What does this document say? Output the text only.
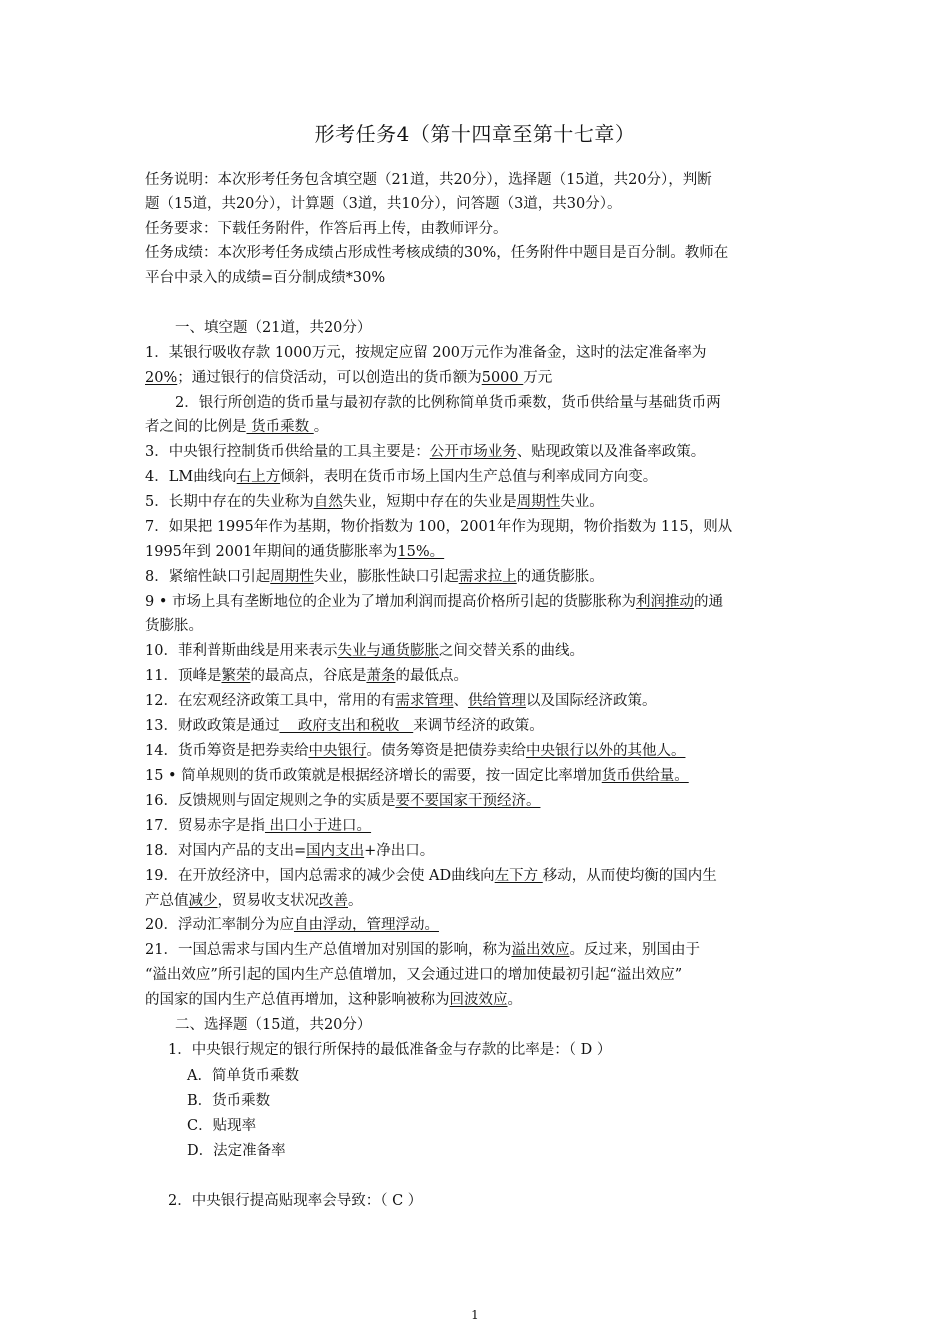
形考任务4（第十四章至第十七章）
任务说明：本次形考任务包含填空题（21道，共20分），选择题（15道，共20分），判断
题（15道，共20分），计算题（3道，共10分），问答题（3道，共30分）。
任务要求：下载任务附件，作答后再上传，由教师评分。
任务成绩：本次形考任务成绩占形成性考核成绩的30%，任务附件中题目是百分制。教师在
平台中录入的成绩=百分制成绩*30%
一、填空题（21道，共20分）
1．某银行吸收存款 1000万元，按规定应留 200万元作为准备金，这时的法定准备率为
20%；通过银行的信贷活动，可以创造出的货币额为5000 万元
2．银行所创造的货币量与最初存款的比例称简单货币乘数，货币供给量与基础货币两
者之间的比例是 货币乘数 。
3．中央银行控制货币供给量的工具主要是：公开市场业务、贴现政策以及准备率政策。
4．LM曲线向右上方倾斜，表明在货币市场上国内生产总值与利率成同方向变。
5．长期中存在的失业称为自然失业，短期中存在的失业是周期性失业。
7．如果把 1995年作为基期，物价指数为 100，2001年作为现期，物价指数为 115，则从
1995年到 2001年期间的通货膨胀率为15%。
8．紧缩性缺口引起周期性失业，膨胀性缺口引起需求拉上的通货膨胀。
9 • 市场上具有垄断地位的企业为了增加利润而提高价格所引起的货膨胀称为利润推动的通
货膨胀。
10．菲利普斯曲线是用来表示失业与通货膨胀之间交替关系的曲线。
11．顶峰是繁荣的最高点，谷底是萧条的最低点。
12．在宏观经济政策工具中，常用的有需求管理、供给管理以及国际经济政策。
13．财政政策是通过    政府支出和税收   来调节经济的政策。
14．货币筹资是把券卖给中央银行。债务筹资是把债券卖给中央银行以外的其他人。
15 • 简单规则的货币政策就是根据经济增长的需要，按一固定比率增加货币供给量。
16．反馈规则与固定规则之争的实质是要不要国家干预经济。
17．贸易赤字是指 出口小于进口。
18．对国内产品的支出=国内支出+净出口。
19．在开放经济中，国内总需求的减少会使 AD曲线向左下方 移动，从而使均衡的国内生
产总值减少，贸易收支状况改善。
20．浮动汇率制分为应自由浮动，管理浮动。
21．一国总需求与国内生产总值增加对别国的影响，称为溢出效应。反过来，别国由于
“溢出效应”所引起的国内生产总值增加，又会通过进口的增加使最初引起“溢出效应”
的国家的国内生产总值再增加，这种影响被称为回波效应。
二、选择题（15道，共20分）
1．中央银行规定的银行所保持的最低准备金与存款的比率是：（ D ）
A．简单货币乘数
B．货币乘数
C．贴现率
D．法定准备率
2．中央银行提高贴现率会导致：（ C ）
1
